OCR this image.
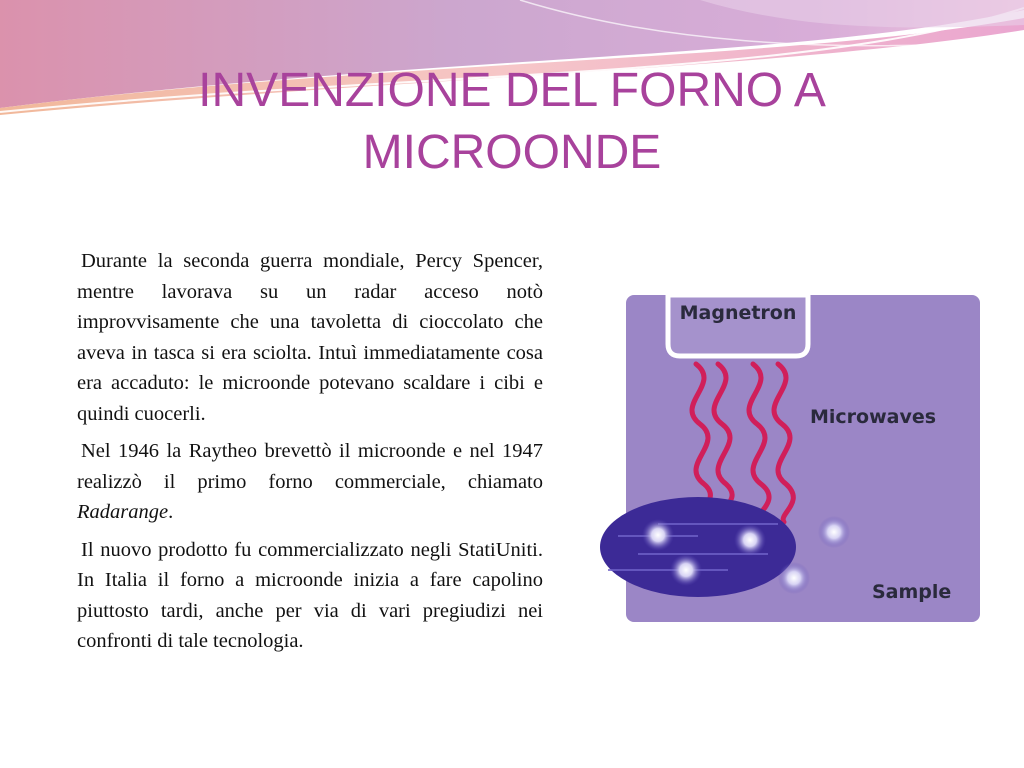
INVENZIONE DEL FORNO A MICROONDE

Durante la seconda guerra mondiale, Percy Spencer, mentre lavorava su un radar acceso notò improvvisamente che una tavoletta di cioccolato che aveva in tasca si era sciolta. Intuì immediatamente cosa era accaduto: le microonde potevano scaldare i cibi e quindi cuocerli.

Nel 1946 la Raytheo brevettò il microonde e nel 1947 realizzò il primo forno commerciale, chiamato Radarange.

Il nuovo prodotto fu commercializzato negli StatiUniti.

In Italia il forno a microonde inizia a fare capolino piuttosto tardi, anche per via di vari pregiudizi nei confronti di tale tecnologia.

Magnetron
Microwaves
Sample
